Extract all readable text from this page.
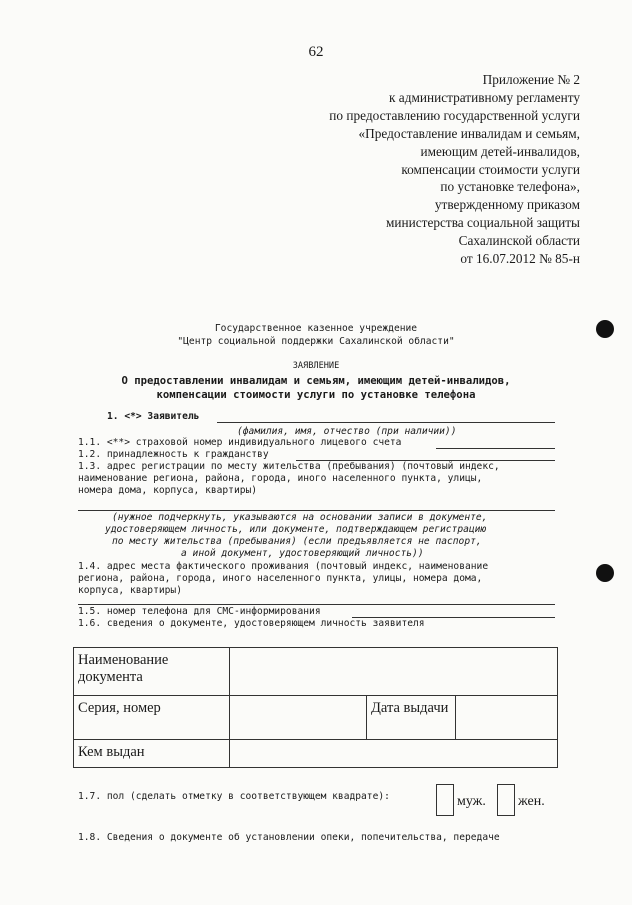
62
Приложение № 2
к административному регламенту
по предоставлению государственной услуги
«Предоставление инвалидам и семьям,
имеющим детей-инвалидов,
компенсации стоимости услуги
по установке телефона»,
утвержденному приказом
министерства социальной защиты
Сахалинской области
от 16.07.2012 № 85-н
Государственное казенное учреждение
"Центр социальной поддержки Сахалинской области"
ЗАЯВЛЕНИЕ
О предоставлении инвалидам и семьям, имеющим детей-инвалидов,
компенсации стоимости услуги по установке телефона
1. <*> Заявитель
(фамилия, имя, отчество (при наличии))
1.1. <**> страховой номер индивидуального лицевого счета
1.2. принадлежность к гражданству
1.3. адрес регистрации по месту жительства (пребывания) (почтовый индекс,
наименование региона, района, города, иного населенного пункта, улицы,
номера дома, корпуса, квартиры)
(нужное подчеркнуть, указываются на основании записи в документе,
удостоверяющем личность, или документе, подтверждающем регистрацию
по месту жительства (пребывания) (если предъявляется не паспорт,
а иной документ, удостоверяющий личность))
1.4. адрес места фактического проживания (почтовый индекс, наименование
региона, района, города, иного населенного пункта, улицы, номера дома,
корпуса, квартиры)
1.5. номер телефона для СМС-информирования
1.6. сведения о документе, удостоверяющем личность заявителя
Наименование документа			
Серия, номер		Дата выдачи	
Кем выдан			
1.7. пол (сделать отметку в соответствующем квадрате):	муж. жен.
1.8. Сведения о документе об установлении опеки, попечительства, передаче
